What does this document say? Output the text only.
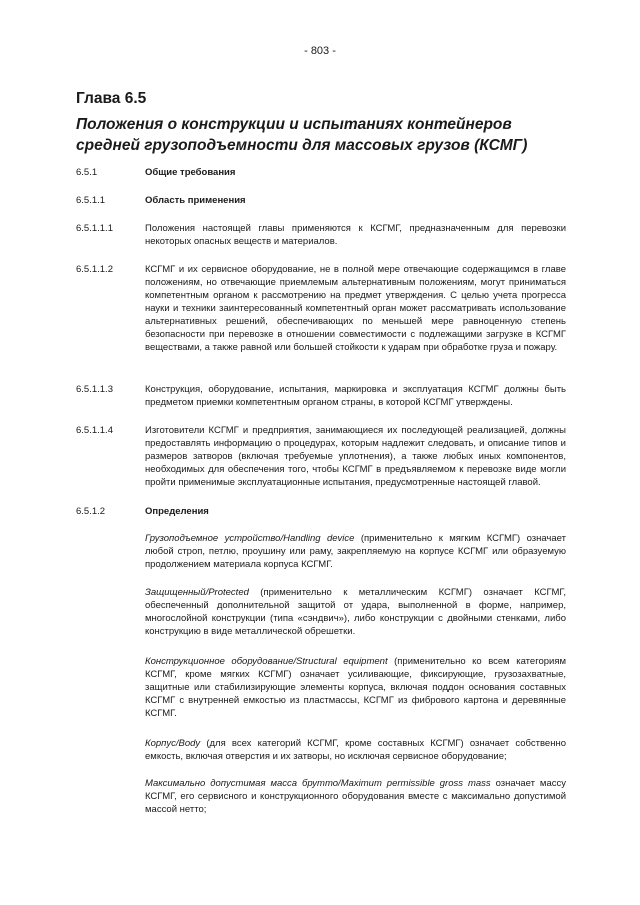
- 803 -
Глава 6.5
Положения о конструкции и испытаниях контейнеров средней грузоподъемности для массовых грузов (КСМГ)
6.5.1	Общие требования
6.5.1.1	Область применения
6.5.1.1.1	Положения настоящей главы применяются к КСГМГ, предназначенным для перевозки некоторых опасных веществ и материалов.

6.5.1.1.2	КСГМГ и их сервисное оборудование, не в полной мере отвечающие содержащимся в главе положениям, но отвечающие приемлемым альтернативным положениям, могут приниматься компетентным органом к рассмотрению на предмет утверждения. С целью учета прогресса науки и техники заинтересованный компетентный орган может рассматривать использование альтернативных решений, обеспечивающих по меньшей мере равноценную степень безопасности при перевозке в отношении совместимости с подлежащими загрузке в КСГМГ веществами, а также равной или большей стойкости к ударам при обработке груза и пожару.

6.5.1.1.3	Конструкция, оборудование, испытания, маркировка и эксплуатация КСГМГ должны быть предметом приемки компетентным органом страны, в которой КСГМГ утверждены.

6.5.1.1.4	Изготовители КСГМГ и предприятия, занимающиеся их последующей реализацией, должны предоставлять информацию о процедурах, которым надлежит следовать, и описание типов и размеров затворов (включая требуемые уплотнения), а также любых иных компонентов, необходимых для обеспечения того, чтобы КСГМГ в предъявляемом к перевозке виде могли пройти применимые эксплуатационные испытания, предусмотренные настоящей главой.

6.5.1.2	Определения

Грузоподъемное устройство/Handling device (применительно к мягким КСГМГ) означает любой строп, петлю, проушину или раму, закрепляемую на корпусе КСГМГ или образуемую продолжением материала корпуса КСГМГ.

Защищенный/Protected (применительно к металлическим КСГМГ) означает КСГМГ, обеспеченный дополнительной защитой от удара, выполненной в форме, например, многослойной конструкции (типа «сэндвич»), либо конструкции с двойными стенками, либо конструкцию в виде металлической обрешетки.

Конструкционное оборудование/Structural equipment (применительно ко всем категориям КСГМГ, кроме мягких КСГМГ) означает усиливающие, фиксирующие, грузозахватные, защитные или стабилизирующие элементы корпуса, включая поддон основания составных КСГМГ с внутренней емкостью из пластмассы, КСГМГ из фибрового картона и деревянные КСГМГ.

Корпус/Body (для всех категорий КСГМГ, кроме составных КСГМГ) означает собственно емкость, включая отверстия и их затворы, но исключая сервисное оборудование;

Максимально допустимая масса брутто/Maximum permissible gross mass означает массу КСГМГ, его сервисного и конструкционного оборудования вместе с максимально допустимой массой нетто;
